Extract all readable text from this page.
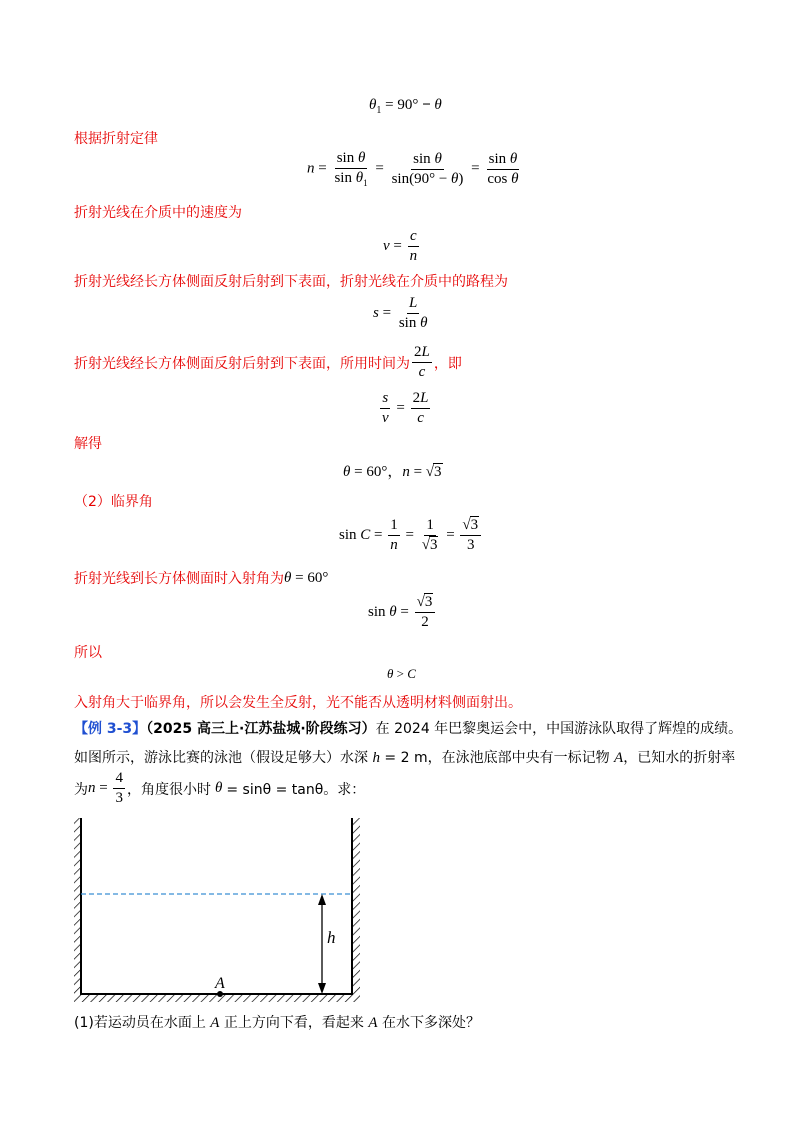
$\theta_1 = 90^\circ - \theta$
根据折射定律
$n = \frac{\text{sin θ}}{\sin \theta_1} = \frac{\text{sin θ}}{\sin(90^\circ - \theta)} = \frac{\text{sin θ}}{\text{cos θ}}$
折射光线在介质中的速度为
$v = \frac{c}{n}$
折射光线经长方体侧面反射后射到下表面，折射光线在介质中的路程为
$s = \frac{L}{\text{sin θ}}$
折射光线经长方体侧面反射后射到下表面，所用时间为 $\frac{2L}{c}$ ，即
$\frac{s}{v} = \frac{2L}{c}$
解得
θ = 60°，n = √3
（2）临界角
$\sin C = \frac{1}{n} = \frac{1}{√3} = \frac{√3}{3}$
折射光线到长方体侧面时入射角为 θ = 60°
$\sin \theta = \frac{√3}{2}$
所以
θ > C
入射角大于临界角，所以会发生全反射，光不能否从透明材料侧面射出。
【例 3-3】（2025 高三上·江苏盐城·阶段练习）在 2024 年巴黎奥运会中，中国游泳队取得了辉煌的成绩。
如图所示，游泳比赛的泳池（假设足够大）水深 h = 2 m，在泳池底部中央有一标记物 A，已知水的折射率
为 $n = \frac{4}{3}$ ，角度很小时 θ = sinθ = tanθ。求：
h
A
(1)若运动员在水面上 A 正上方向下看，看起来 A 在水下多深处？
